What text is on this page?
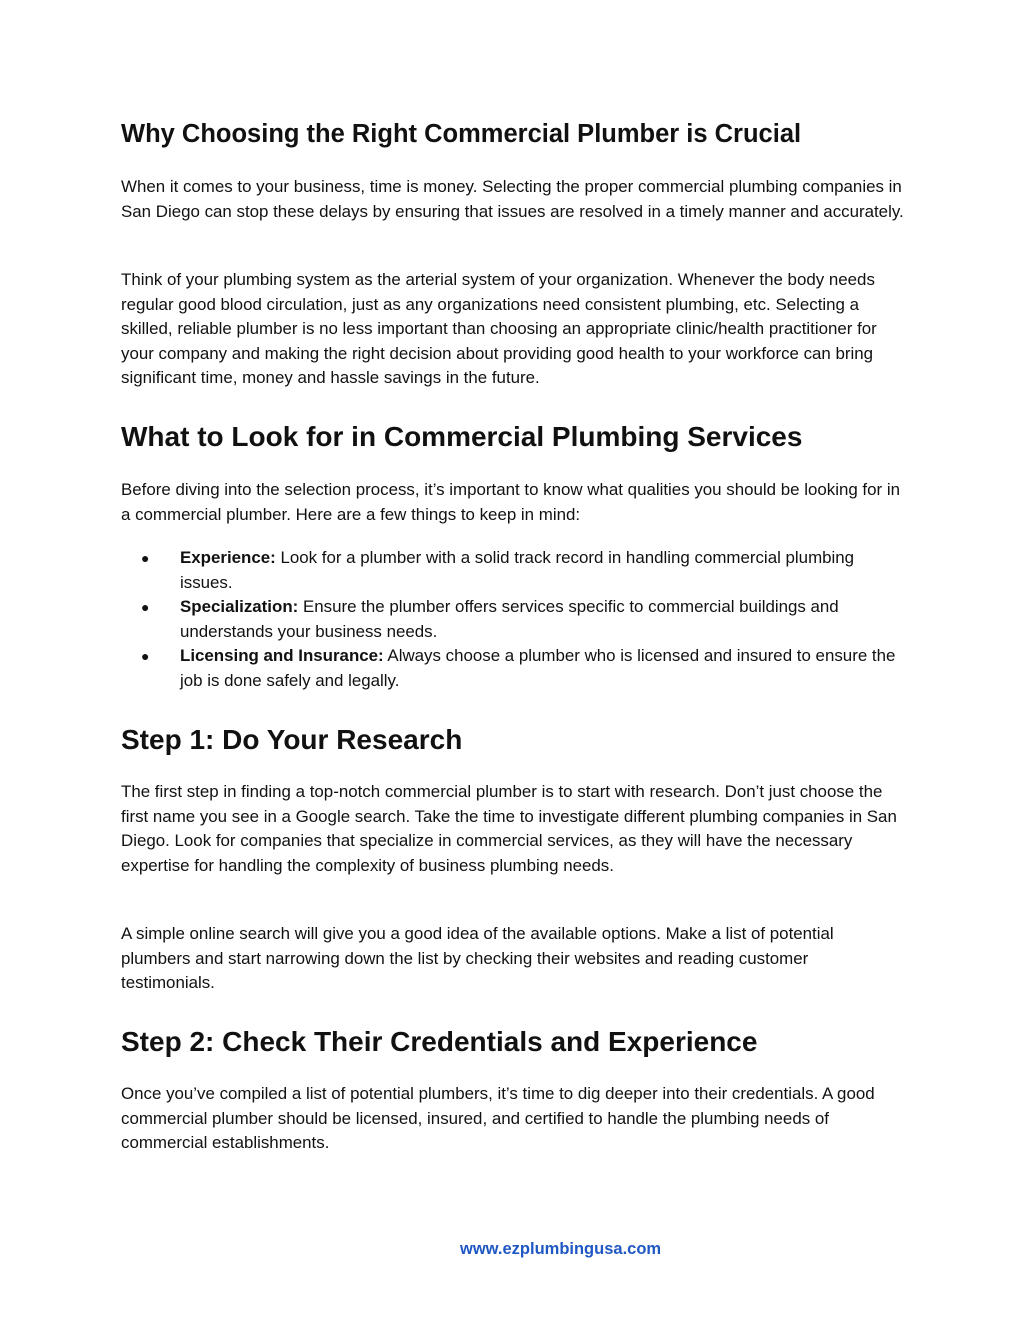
Why Choosing the Right Commercial Plumber is Crucial

When it comes to your business, time is money. Selecting the proper commercial plumbing companies in San Diego can stop these delays by ensuring that issues are resolved in a timely manner and accurately.

Think of your plumbing system as the arterial system of your organization. Whenever the body needs regular good blood circulation, just as any organizations need consistent plumbing, etc. Selecting a skilled, reliable plumber is no less important than choosing an appropriate clinic/health practitioner for your company and making the right decision about providing good health to your workforce can bring significant time, money and hassle savings in the future.

What to Look for in Commercial Plumbing Services

Before diving into the selection process, it’s important to know what qualities you should be looking for in a commercial plumber. Here are a few things to keep in mind:

● Experience: Look for a plumber with a solid track record in handling commercial plumbing issues.
● Specialization: Ensure the plumber offers services specific to commercial buildings and understands your business needs.
● Licensing and Insurance: Always choose a plumber who is licensed and insured to ensure the job is done safely and legally.
Step 1: Do Your Research

The first step in finding a top-notch commercial plumber is to start with research. Don’t just choose the first name you see in a Google search. Take the time to investigate different plumbing companies in San Diego. Look for companies that specialize in commercial services, as they will have the necessary expertise for handling the complexity of business plumbing needs.

A simple online search will give you a good idea of the available options. Make a list of potential plumbers and start narrowing down the list by checking their websites and reading customer testimonials.

Step 2: Check Their Credentials and Experience

Once you’ve compiled a list of potential plumbers, it’s time to dig deeper into their credentials. A good commercial plumber should be licensed, insured, and certified to handle the plumbing needs of commercial establishments.

www.ezplumbingusa.com
